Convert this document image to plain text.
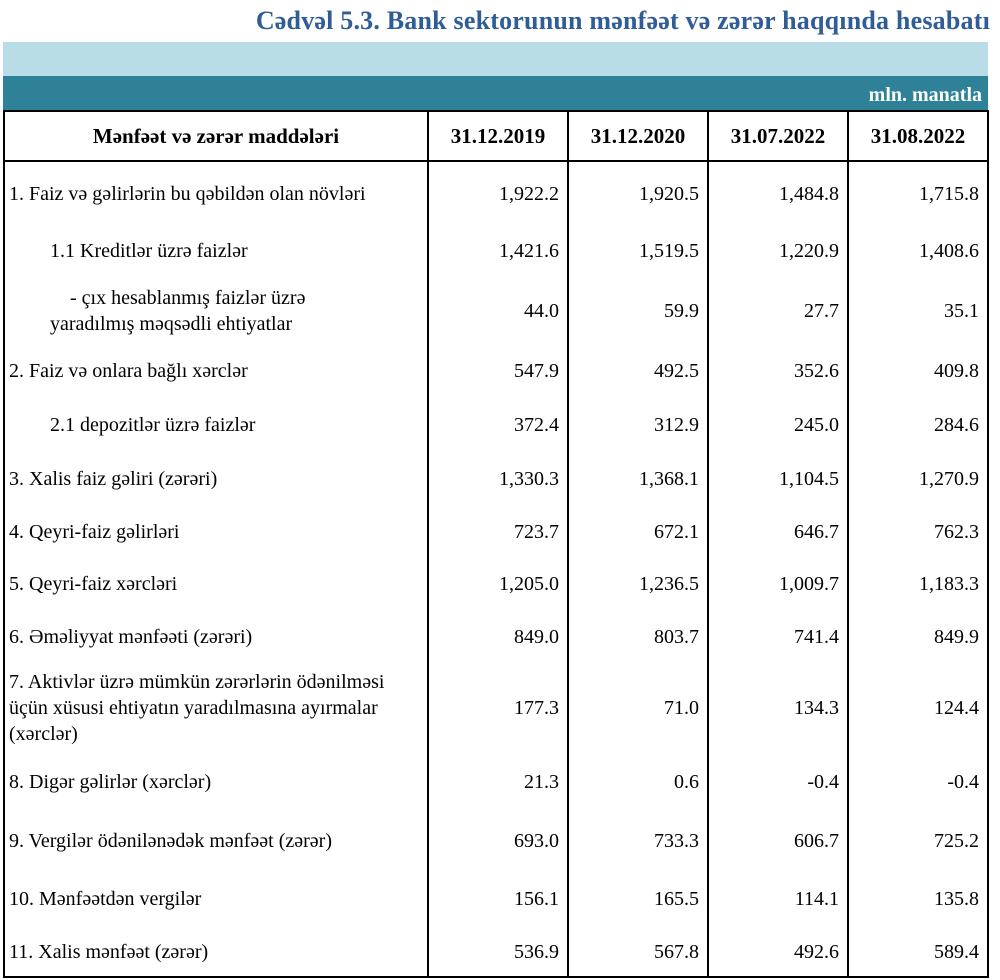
Cədvəl 5.3. Bank sektorunun mənfəət və zərər haqqında hesabatı
mln. manatla
Mənfəət və zərər maddələri	31.12.2019	31.12.2020	31.07.2022	31.08.2022
1. Faiz və gəlirlərin bu qəbildən olan növləri	1,922.2	1,920.5	1,484.8	1,715.8
1.1 Kreditlər üzrə faizlər	1,421.6	1,519.5	1,220.9	1,408.6

- çıx hesablanmış faizlər üzrə
yaradılmış məqsədli ehtiyatlar	44.0	59.9	27.7	35.1
2. Faiz və onlara bağlı xərclər	547.9	492.5	352.6	409.8
2.1 depozitlər üzrə faizlər	372.4	312.9	245.0	284.6
3. Xalis faiz gəliri (zərəri)	1,330.3	1,368.1	1,104.5	1,270.9
4. Qeyri-faiz gəlirləri	723.7	672.1	646.7	762.3
5. Qeyri-faiz xərcləri	1,205.0	1,236.5	1,009.7	1,183.3
6. Əməliyyat mənfəəti (zərəri)	849.0	803.7	741.4	849.9

7. Aktivlər üzrə mümkün zərərlərin ödənilməsi
üçün xüsusi ehtiyatın yaradılmasına ayırmalar
(xərclər)	177.3	71.0	134.3	124.4
8. Digər gəlirlər (xərclər)	21.3	0.6	-0.4	-0.4
9. Vergilər ödənilənədək mənfəət (zərər)	693.0	733.3	606.7	725.2
10. Mənfəətdən vergilər	156.1	165.5	114.1	135.8
11. Xalis mənfəət (zərər)	536.9	567.8	492.6	589.4
